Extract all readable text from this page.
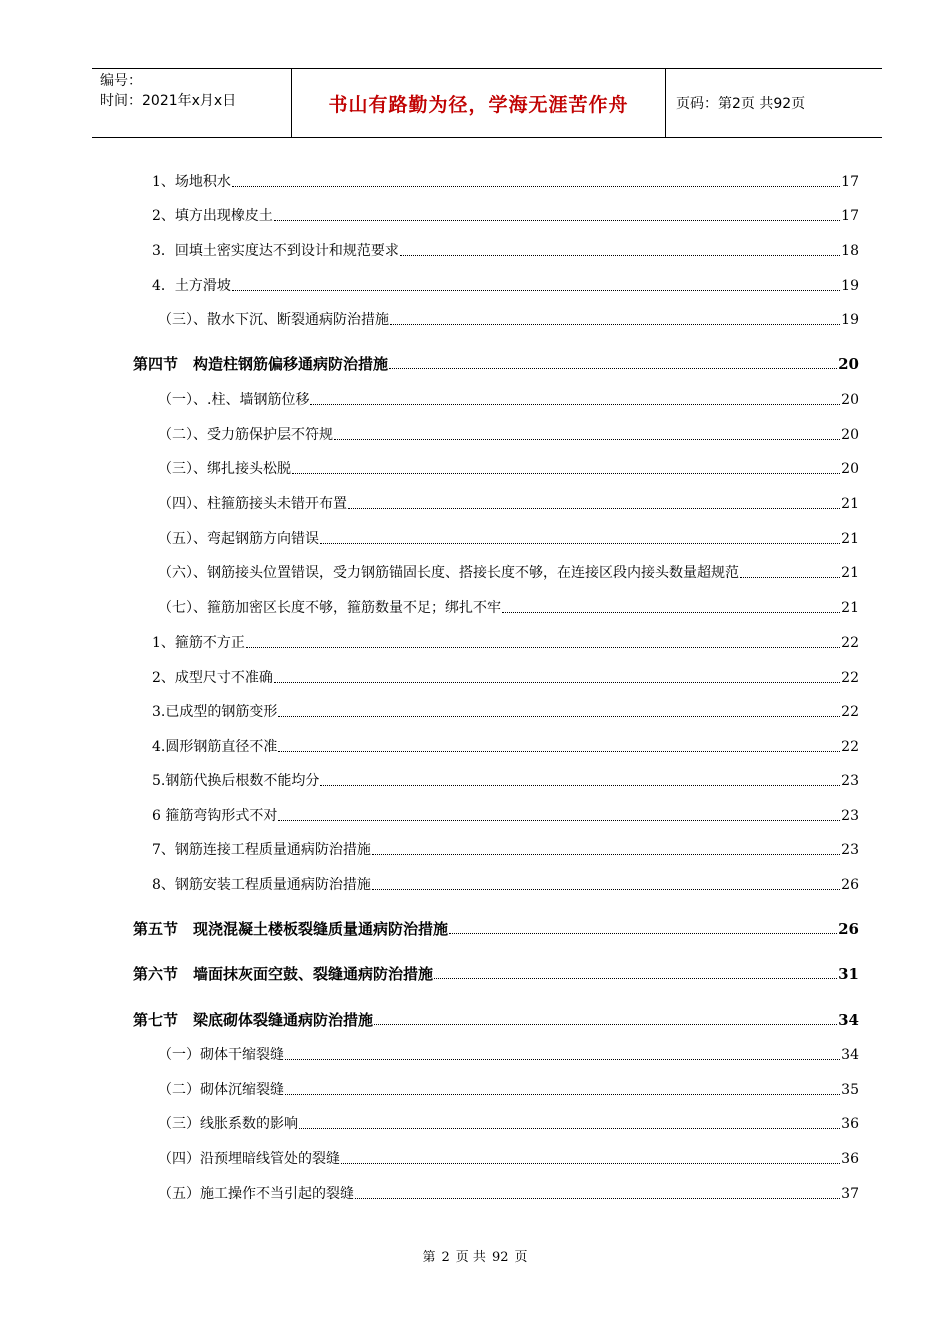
编号：
时间：2021年x月x日	书山有路勤为径，学海无涯苦作舟	页码：第2页 共92页
1、场地积水	17
2、填方出现橡皮土	17
3．回填土密实度达不到设计和规范要求	18
4．土方滑坡	19
（三）、散水下沉、断裂通病防治措施	19
第四节　构造柱钢筋偏移通病防治措施	20
（一）、.柱、墙钢筋位移	20
（二）、受力筋保护层不符规	20
（三）、绑扎接头松脱	20
（四）、柱箍筋接头未错开布置	21
（五）、弯起钢筋方向错误	21
（六）、钢筋接头位置错误，受力钢筋锚固长度、搭接长度不够，在连接区段内接头数量超规范	21
（七）、箍筋加密区长度不够，箍筋数量不足；绑扎不牢	21
1、箍筋不方正	22
2、成型尺寸不准确	22
3.已成型的钢筋变形	22
4.圆形钢筋直径不准	22
5.钢筋代换后根数不能均分	23
6 箍筋弯钩形式不对	23
7、钢筋连接工程质量通病防治措施	23
8、钢筋安装工程质量通病防治措施	26
第五节　现浇混凝土楼板裂缝质量通病防治措施	26
第六节　墙面抹灰面空鼓、裂缝通病防治措施	31
第七节　梁底砌体裂缝通病防治措施	34
（一）砌体干缩裂缝	34
（二）砌体沉缩裂缝	35
（三）线胀系数的影响	36
（四）沿预埋暗线管处的裂缝	36
（五）施工操作不当引起的裂缝	37
第 2 页 共 92 页
